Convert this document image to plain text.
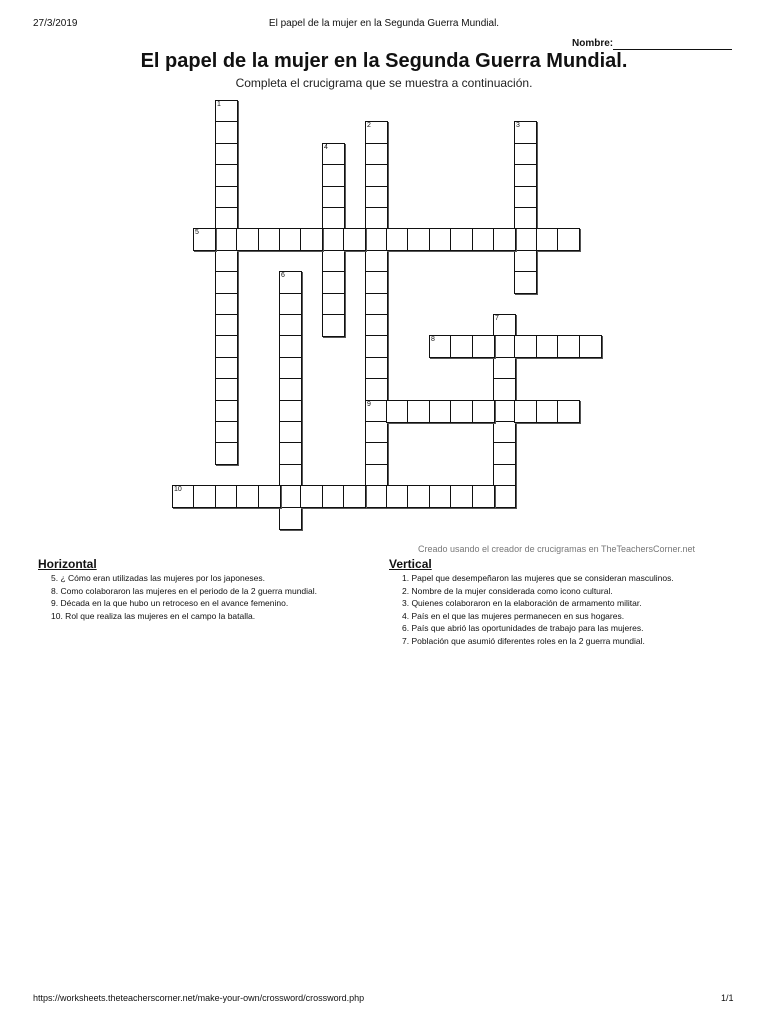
27/3/2019	El papel de la mujer en la Segunda Guerra Mundial.
Nombre:
El papel de la mujer en la Segunda Guerra Mundial.
Completa el crucigrama que se muestra a continuación.
1
2
9
3
4
5
6
7
8
10
Creado usando el creador de crucigramas en TheTeachersCorner.net
Horizontal
5. ¿ Cómo eran utilizadas las mujeres por los japoneses.
8. Como colaboraron las mujeres en el periodo de la 2 guerra mundial.
9. Década en la que hubo un retroceso en el avance femenino.
10. Rol que realiza las mujeres en el campo la batalla.
Vertical
1. Papel que desempeñaron las mujeres que se consideran masculinos.
2. Nombre de la mujer considerada como icono cultural.
3. Quienes colaboraron en la elaboración de armamento militar.
4. País en el que las mujeres permanecen en sus hogares.
6. País que abrió las oportunidades de trabajo para las mujeres.
7. Población que asumió diferentes roles en la 2 guerra mundial.
https://worksheets.theteacherscorner.net/make-your-own/crossword/crossword.php	1/1
